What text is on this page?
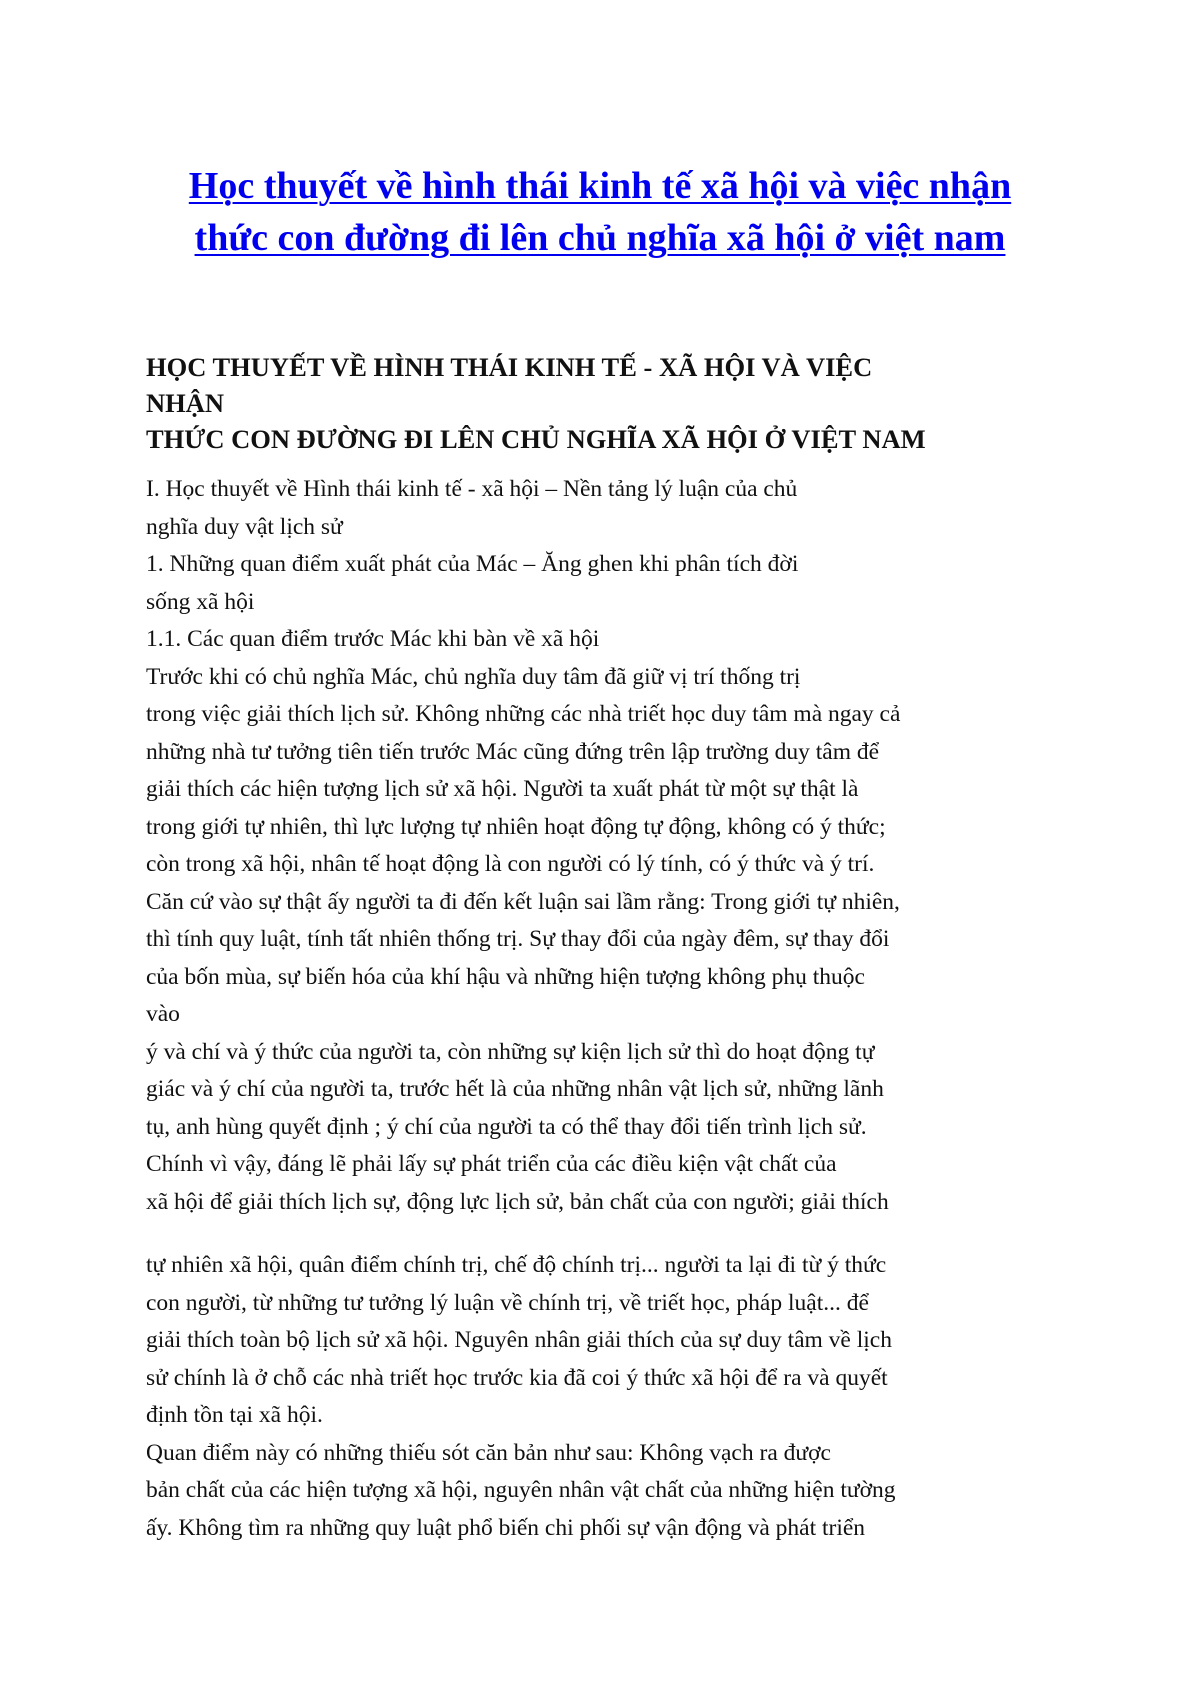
Học thuyết về hình thái kinh tế xã hội và việc nhận
thức con đường đi lên chủ nghĩa xã hội ở việt nam
HỌC THUYẾT VỀ HÌNH THÁI KINH TẾ - XÃ HỘI VÀ VIỆC
NHẬN
THỨC CON ĐƯỜNG ĐI LÊN CHỦ NGHĨA XÃ HỘI Ở VIỆT NAM
I. Học thuyết về Hình thái kinh tế - xã hội – Nền tảng lý luận của chủ
nghĩa duy vật lịch sử
1. Những quan điểm xuất phát của Mác – Ăng ghen khi phân tích đời
sống xã hội
1.1. Các quan điểm trước Mác khi bàn về xã hội
Trước khi có chủ nghĩa Mác, chủ nghĩa duy tâm đã giữ vị trí thống trị
trong việc giải thích lịch sử. Không những các nhà triết học duy tâm mà ngay cả
những nhà tư tưởng tiên tiến trước Mác cũng đứng trên lập trường duy tâm để
giải thích các hiện tượng lịch sử xã hội. Người ta xuất phát từ một sự thật là
trong giới tự nhiên, thì lực lượng tự nhiên hoạt động tự động, không có ý thức;
còn trong xã hội, nhân tế hoạt động là con người có lý tính, có ý thức và ý trí.
Căn cứ vào sự thật ấy người ta đi đến kết luận sai lầm rằng: Trong giới tự nhiên,
thì tính quy luật, tính tất nhiên thống trị. Sự thay đổi của ngày đêm, sự thay đổi
của bốn mùa, sự biến hóa của khí hậu và những hiện tượng không phụ thuộc
vào
ý và chí và ý thức của người ta, còn những sự kiện lịch sử thì do hoạt động tự
giác và ý chí của người ta, trước hết là của những nhân vật lịch sử, những lãnh
tụ, anh hùng quyết định ; ý chí của người ta có thể thay đổi tiến trình lịch sử.
Chính vì vậy, đáng lẽ phải lấy sự phát triển của các điều kiện vật chất của
xã hội để giải thích lịch sự, động lực lịch sử, bản chất của con người; giải thích
tự nhiên xã hội, quân điểm chính trị, chế độ chính trị... người ta lại đi từ ý thức
con người, từ những tư tưởng lý luận về chính trị, về triết học, pháp luật... để
giải thích toàn bộ lịch sử xã hội. Nguyên nhân giải thích của sự duy tâm về lịch
sử chính là ở chỗ các nhà triết học trước kia đã coi ý thức xã hội để ra và quyết
định tồn tại xã hội.
Quan điểm này có những thiếu sót căn bản như sau: Không vạch ra được
bản chất của các hiện tượng xã hội, nguyên nhân vật chất của những hiện tường
ấy. Không tìm ra những quy luật phổ biến chi phối sự vận động và phát triển
